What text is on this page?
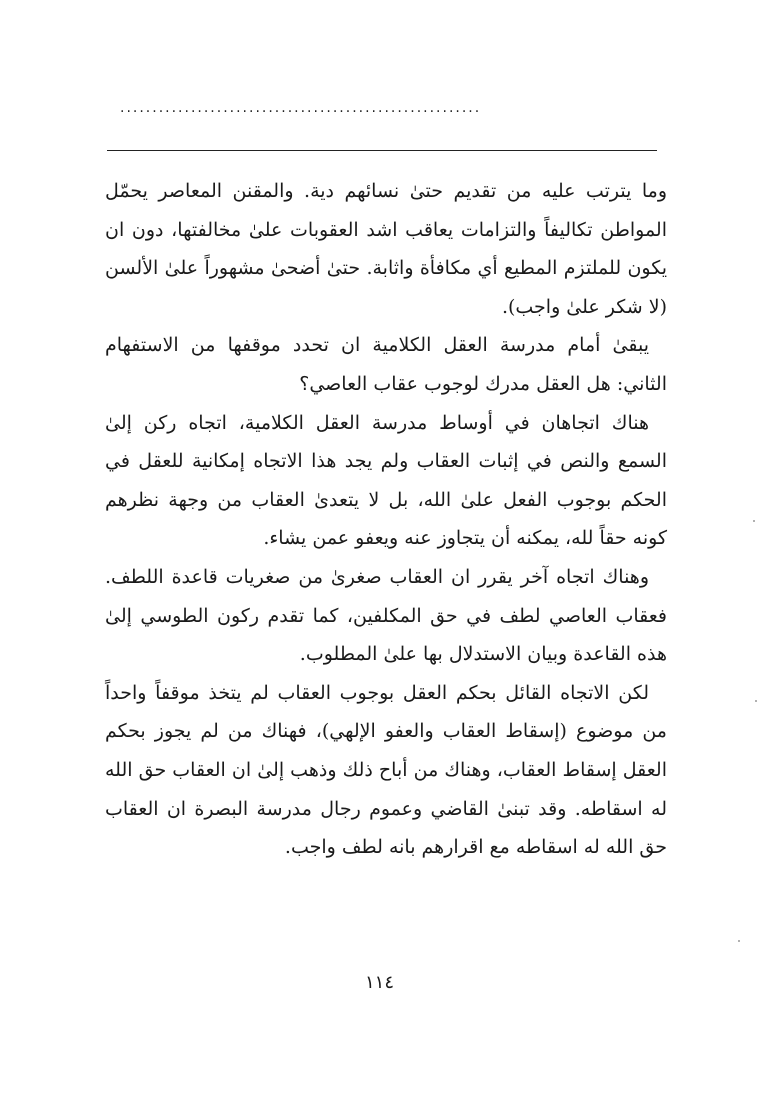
........................................................

وما يترتب عليه من تقديم حتىٰ نسائهم دية. والمقنن المعاصر يحمّل المواطن تكاليفاً والتزامات يعاقب اشد العقوبات علىٰ مخالفتها، دون ان يكون للملتزم المطيع أي مكافأة واثابة. حتىٰ أضحىٰ مشهوراً علىٰ الألسن (لا شكر علىٰ واجب).

يبقىٰ أمام مدرسة العقل الكلامية ان تحدد موقفها من الاستفهام الثاني: هل العقل مدرك لوجوب عقاب العاصي؟

هناك اتجاهان في أوساط مدرسة العقل الكلامية، اتجاه ركن إلىٰ السمع والنص في إثبات العقاب ولم يجد هذا الاتجاه إمكانية للعقل في الحكم بوجوب الفعل علىٰ الله، بل لا يتعدىٰ العقاب من وجهة نظرهم كونه حقاً لله، يمكنه أن يتجاوز عنه ويعفو عمن يشاء.

وهناك اتجاه آخر يقرر ان العقاب صغرىٰ من صغريات قاعدة اللطف. فعقاب العاصي لطف في حق المكلفين، كما تقدم ركون الطوسي إلىٰ هذه القاعدة وبيان الاستدلال بها علىٰ المطلوب.

لكن الاتجاه القائل بحكم العقل بوجوب العقاب لم يتخذ موقفاً واحداً من موضوع (إسقاط العقاب والعفو الإلهي)، فهناك من لم يجوز بحكم العقل إسقاط العقاب، وهناك من أباح ذلك وذهب إلىٰ ان العقاب حق الله له اسقاطه. وقد تبنىٰ القاضي وعموم رجال مدرسة البصرة ان العقاب حق الله له اسقاطه مع اقرارهم بانه لطف واجب.

١١٤
